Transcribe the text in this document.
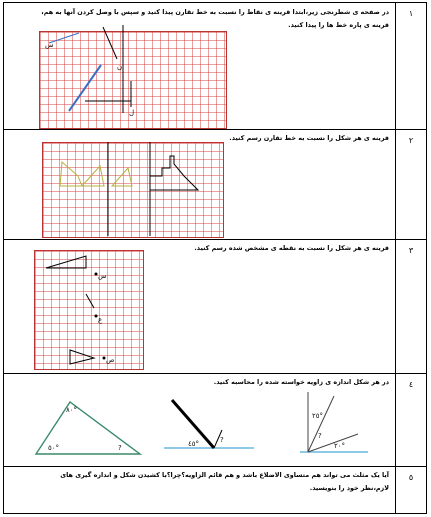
١
در صفحه ی شطرنجی زیر،ابتدا قرینه ی نقاط را نسبت به خط تقارن پیدا کنید و سپس با وصل کردن آنها به هم،
قرینه ی پاره خط ها را پیدا کنید.
س
ن
ل
٢
قرینه ی هر شکل را نسبت به خط تقارن رسم کنید.
٣
قرینه ی هر شکل را نسبت به نقطه ی مشخص شده رسم کنید.
س
ع
ص
٤
در هر شکل اندازه ی زاویه خواسته شده را محاسبه کنید.
٨٠°
٥٠°	?	٤٥°	?
٢٥°
٢٠°
?
٥
آیا یک مثلث می تواند هم متساوی الاضلاع باشد و هم قائم الزاویه؟چرا؟با کشیدن شکل و اندازه گیری های
لازم،نظر خود را بنویسید.
